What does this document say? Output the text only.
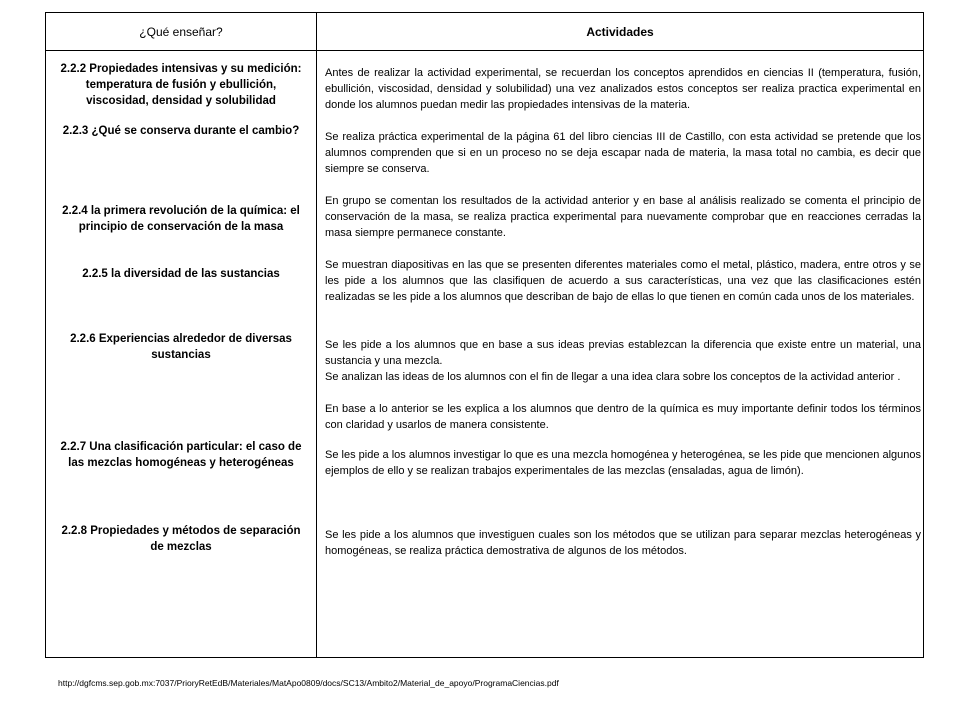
¿Qué enseñar?	Actividades
2.2.2 Propiedades intensivas y su medición: temperatura de fusión y ebullición, viscosidad, densidad y solubilidad
2.2.3 ¿Qué se conserva durante el cambio?
2.2.4 la primera revolución de la química: el principio de conservación de la masa
2.2.5 la diversidad de las sustancias
2.2.6 Experiencias alrededor de diversas sustancias
2.2.7 Una clasificación particular: el caso de las mezclas homogéneas y heterogéneas
2.2.8 Propiedades y métodos de separación de mezclas
Antes de realizar la actividad experimental, se recuerdan los conceptos aprendidos en ciencias II (temperatura, fusión, ebullición, viscosidad, densidad y solubilidad) una vez analizados estos conceptos ser realiza practica experimental en donde los alumnos puedan medir las propiedades intensivas de la materia.
Se realiza práctica experimental de la página 61 del libro ciencias III de Castillo, con esta actividad se pretende que los alumnos comprenden que si en un proceso no se deja escapar nada de materia, la masa total no cambia, es decir que siempre se conserva.
En grupo se comentan los resultados de la actividad anterior y en base al análisis realizado se comenta el principio de conservación de la masa, se realiza practica experimental para nuevamente comprobar que en reacciones cerradas la masa siempre permanece constante.
Se muestran diapositivas en las que se presenten diferentes materiales como el metal, plástico, madera, entre otros y se les pide a los alumnos que las clasifiquen de acuerdo a sus características, una vez que las clasificaciones estén realizadas se les pide a los alumnos que describan de bajo de ellas lo que tienen en común cada unos de los materiales.
Se les pide a los alumnos que en base a sus ideas previas establezcan la diferencia que existe entre un material, una sustancia y una mezcla.
Se analizan las ideas de los alumnos con el fin de llegar a una idea clara sobre los conceptos de la actividad anterior .
En base a lo anterior se les explica a los alumnos que dentro de la química es muy importante definir todos los términos con claridad y usarlos de manera consistente.
Se les pide a los alumnos investigar lo que es una mezcla homogénea y heterogénea, se les pide que mencionen algunos ejemplos de ello y se realizan trabajos experimentales de las mezclas (ensaladas, agua de limón).
Se les pide a los alumnos que investiguen cuales son los métodos que se utilizan para separar mezclas heterogéneas y homogéneas, se realiza práctica demostrativa de algunos de los métodos.
http://dgfcms.sep.gob.mx:7037/PrioryRetEdB/Materiales/MatApo0809/docs/SC13/Ambito2/Material_de_apoyo/ProgramaCiencias.pdf
